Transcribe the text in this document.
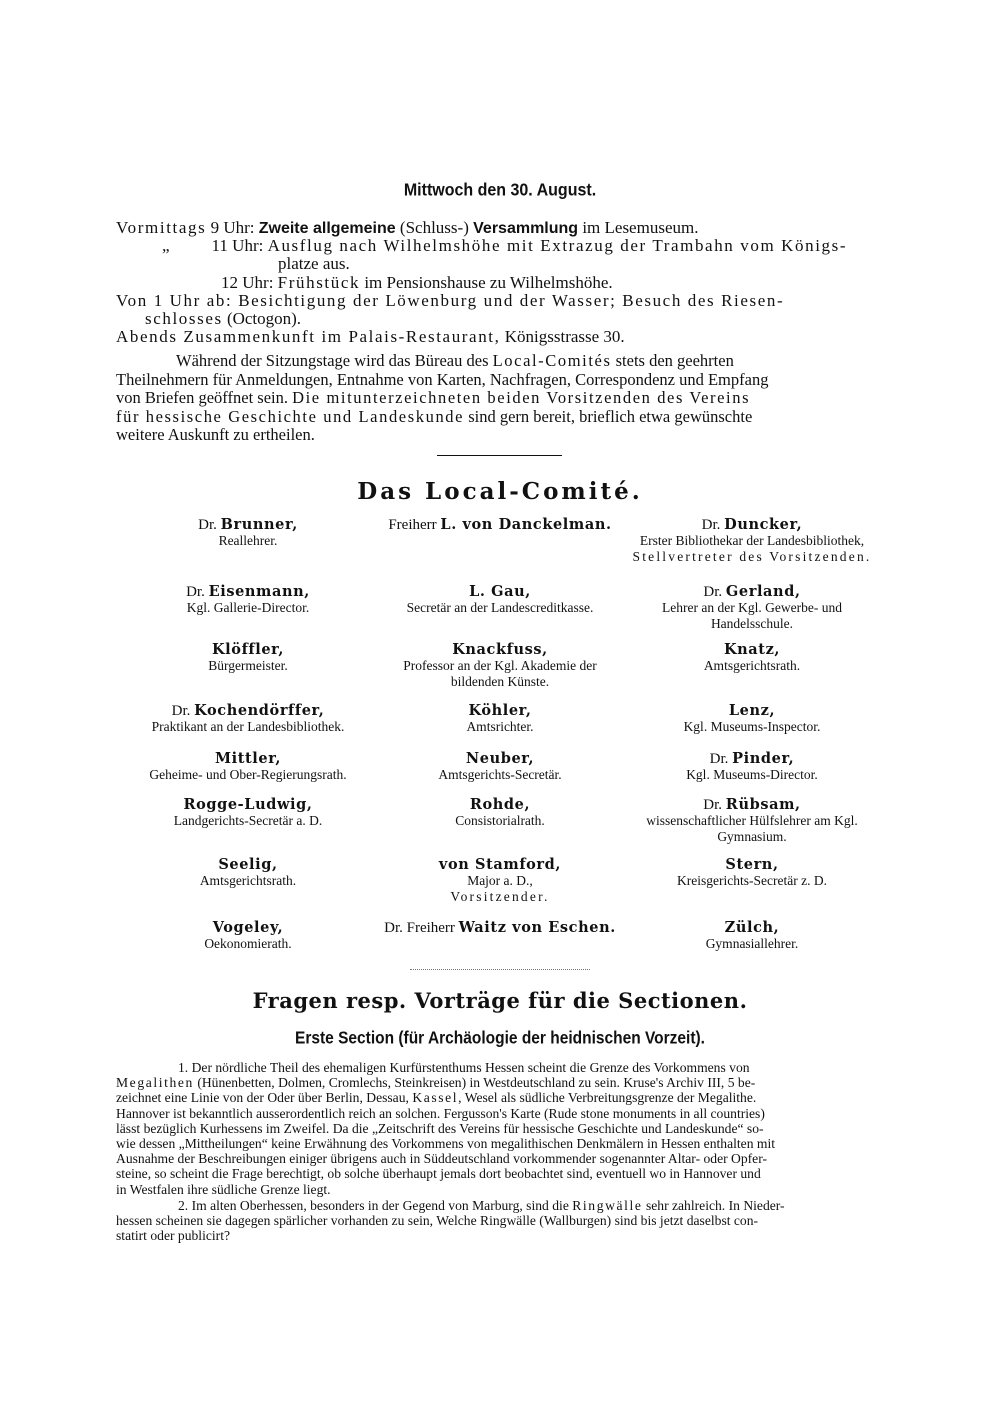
Mittwoch den 30. August.
Vormittags 9 Uhr: Zweite allgemeine (Schluss-) Versammlung im Lesemuseum.
„ 11 Uhr: Ausflug nach Wilhelmshöhe mit Extrazug der Trambahn vom Königs-
platze aus.
12 Uhr: Frühstück im Pensionshause zu Wilhelmshöhe.
Von 1 Uhr ab: Besichtigung der Löwenburg und der Wasser; Besuch des Riesen-
schlosses (Octogon).
Abends Zusammenkunft im Palais-Restaurant, Königsstrasse 30.
Während der Sitzungstage wird das Büreau des Local-Comités stets den geehrten
Theilnehmern für Anmeldungen, Entnahme von Karten, Nachfragen, Correspondenz und Empfang
von Briefen geöffnet sein. Die mitunterzeichneten beiden Vorsitzenden des Vereins
für hessische Geschichte und Landeskunde sind gern bereit, brieflich etwa gewünschte
weitere Auskunft zu ertheilen.
Das Local-Comité.
Dr. Brunner,
Reallehrer.
Freiherr L. von Danckelman.	Dr. Duncker,
Erster Bibliothekar der Landesbibliothek,
Stellvertreter des Vorsitzenden.
Dr. Eisenmann,
Kgl. Gallerie-Director.
L. Gau,
Secretär an der Landescreditkasse.
Dr. Gerland,
Lehrer an der Kgl. Gewerbe- und
Handelsschule.
Klöffler,
Bürgermeister.
Knackfuss,
Professor an der Kgl. Akademie der
bildenden Künste.
Knatz,
Amtsgerichtsrath.
Dr. Kochendörffer,
Praktikant an der Landesbibliothek.
Köhler,
Amtsrichter.
Lenz,
Kgl. Museums-Inspector.
Mittler,
Geheime- und Ober-Regierungsrath.
Neuber,
Amtsgerichts-Secretär.
Dr. Pinder,
Kgl. Museums-Director.
Rogge-Ludwig,
Landgerichts-Secretär a. D.
Rohde,
Consistorialrath.
Dr. Rübsam,
wissenschaftlicher Hülfslehrer am Kgl.
Gymnasium.
Seelig,
Amtsgerichtsrath.
von Stamford,
Major a. D.,
Vorsitzender.
Stern,
Kreisgerichts-Secretär z. D.
Vogeley,
Oekonomierath.
Dr. Freiherr Waitz von Eschen.	Zülch,
Gymnasiallehrer.
Fragen resp. Vorträge für die Sectionen.
Erste Section (für Archäologie der heidnischen Vorzeit).
1. Der nördliche Theil des ehemaligen Kurfürstenthums Hessen scheint die Grenze des Vorkommens von
Megalithen (Hünenbetten, Dolmen, Cromlechs, Steinkreisen) in Westdeutschland zu sein. Kruse's Archiv III, 5 be-
zeichnet eine Linie von der Oder über Berlin, Dessau, Kassel, Wesel als südliche Verbreitungsgrenze der Megalithe.
Hannover ist bekanntlich ausserordentlich reich an solchen. Fergusson's Karte (Rude stone monuments in all countries)
lässt bezüglich Kurhessens im Zweifel. Da die „Zeitschrift des Vereins für hessische Geschichte und Landeskunde“ so-
wie dessen „Mittheilungen“ keine Erwähnung des Vorkommens von megalithischen Denkmälern in Hessen enthalten mit
Ausnahme der Beschreibungen einiger übrigens auch in Süddeutschland vorkommender sogenannter Altar- oder Opfer-
steine, so scheint die Frage berechtigt, ob solche überhaupt jemals dort beobachtet sind, eventuell wo in Hannover und
in Westfalen ihre südliche Grenze liegt.
2. Im alten Oberhessen, besonders in der Gegend von Marburg, sind die Ringwälle sehr zahlreich. In Nieder-
hessen scheinen sie dagegen spärlicher vorhanden zu sein, Welche Ringwälle (Wallburgen) sind bis jetzt daselbst con-
statirt oder publicirt?
